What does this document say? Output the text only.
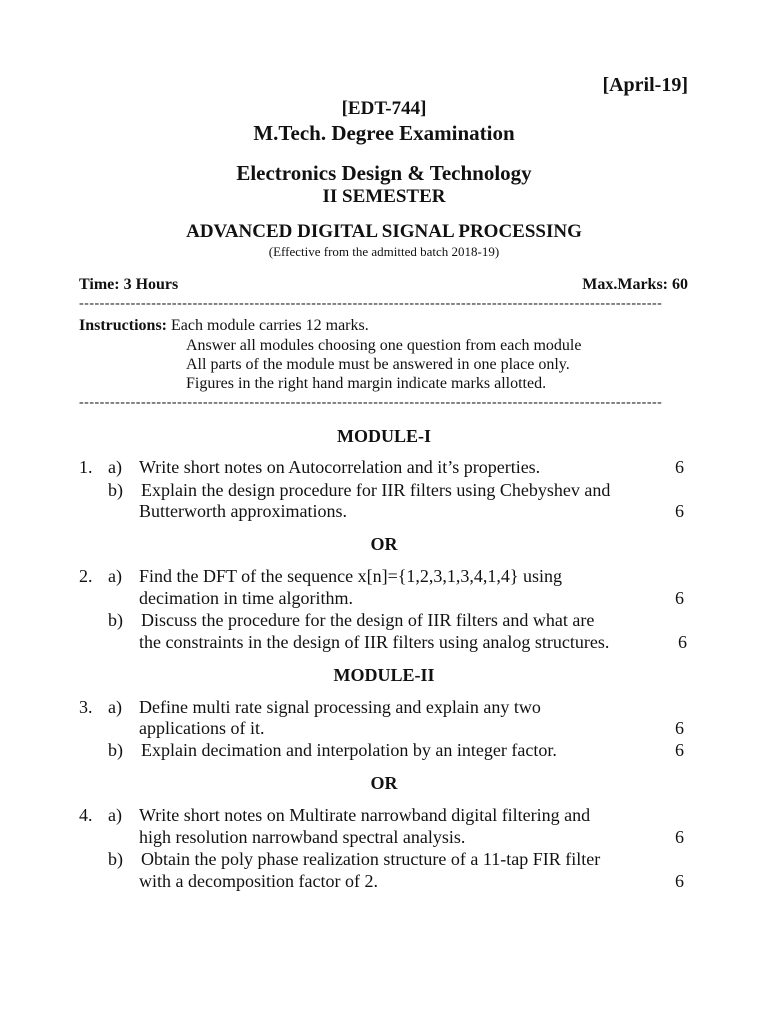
[April-19]
[EDT-744]
M.Tech. Degree Examination
Electronics Design & Technology
II SEMESTER
ADVANCED DIGITAL SIGNAL PROCESSING
(Effective from the admitted batch 2018-19)
Time: 3 Hours	Max.Marks: 60
-----------------------------------------------------------------------------------------------------------------
Instructions: Each module carries 12 marks.
Answer all modules choosing one question from each module
All parts of the module must be answered in one place only.
Figures in the right hand margin indicate marks allotted.
-----------------------------------------------------------------------------------------------------------------
MODULE-I
1. a) Write short notes on Autocorrelation and it’s properties.	6
b) Explain the design procedure for IIR filters using Chebyshev and
Butterworth approximations.	6
OR
2. a) Find the DFT of the sequence x[n]={1,2,3,1,3,4,1,4} using
decimation in time algorithm.	6
b) Discuss the procedure for the design of IIR filters and what are
the constraints in the design of IIR filters using analog structures.	6
MODULE-II
3. a) Define multi rate signal processing and explain any two
applications of it.	6
b) Explain decimation and interpolation by an integer factor.	6
OR
4. a) Write short notes on Multirate narrowband digital filtering and
high resolution narrowband spectral analysis.	6
b) Obtain the poly phase realization structure of a 11-tap FIR filter
with a decomposition factor of 2.	6
